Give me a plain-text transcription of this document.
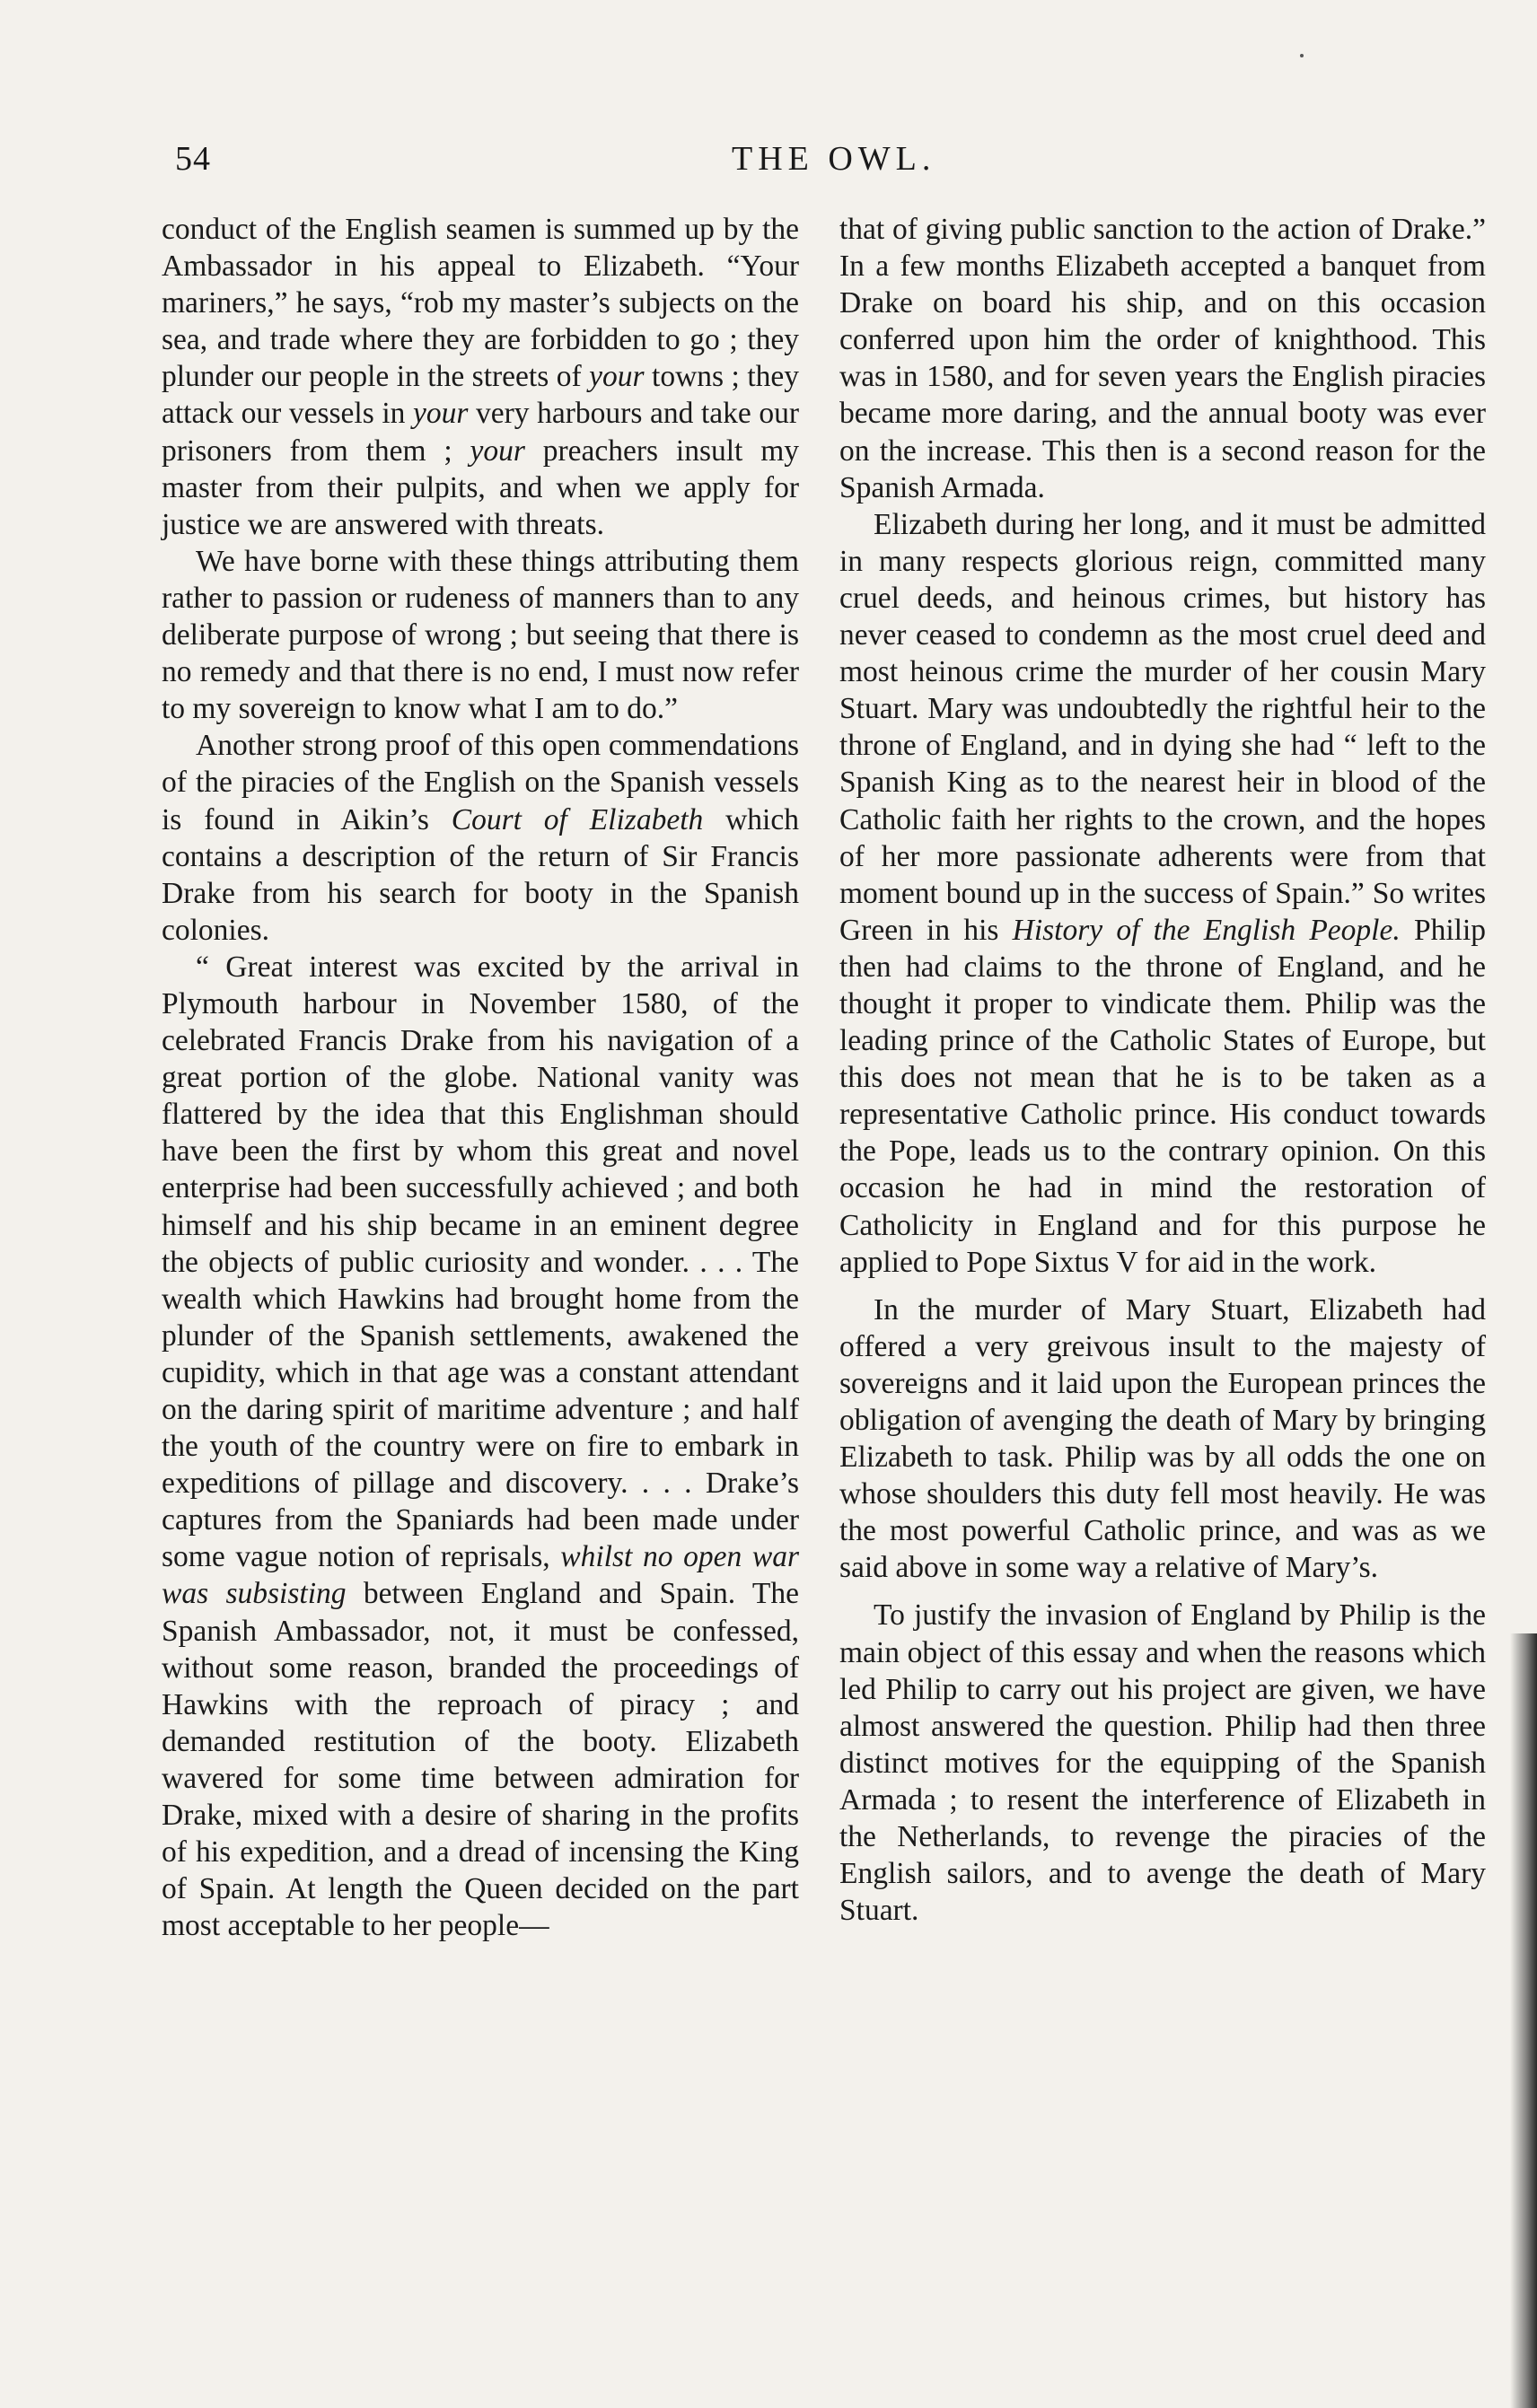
54	THE OWL.

conduct of the English seamen is summed up by the Ambassador in his appeal to Elizabeth. “Your mariners,” he says, “rob my master’s subjects on the sea, and trade where they are forbidden to go ; they plunder our people in the streets of your towns ; they attack our vessels in your very harbours and take our prisoners from them ; your preachers insult my master from their pulpits, and when we apply for justice we are answered with threats.

We have borne with these things attributing them rather to passion or rudeness of manners than to any deliberate purpose of wrong ; but seeing that there is no remedy and that there is no end, I must now refer to my sovereign to know what I am to do.”

Another strong proof of this open commendations of the piracies of the English on the Spanish vessels is found in Aikin’s Court of Elizabeth which contains a description of the return of Sir Francis Drake from his search for booty in the Spanish colonies.

“ Great interest was excited by the arrival in Plymouth harbour in November 1580, of the celebrated Francis Drake from his navigation of a great portion of the globe. National vanity was flattered by the idea that this Englishman should have been the first by whom this great and novel enterprise had been successfully achieved ; and both himself and his ship became in an eminent degree the objects of public curiosity and wonder. . . . The wealth which Hawkins had brought home from the plunder of the Spanish settlements, awakened the cupidity, which in that age was a constant attendant on the daring spirit of maritime adventure ; and half the youth of the country were on fire to embark in expeditions of pillage and discovery. . . . Drake’s captures from the Spaniards had been made under some vague notion of reprisals, whilst no open war was subsisting between England and Spain. The Spanish Ambassador, not, it must be confessed, without some reason, branded the proceedings of Hawkins with the reproach of piracy ; and demanded restitution of the booty. Elizabeth wavered for some time between admiration for Drake, mixed with a desire of sharing in the profits of his expedition, and a dread of incensing the King of Spain. At length the Queen decided on the part most acceptable to her people—

that of giving public sanction to the action of Drake.” In a few months Elizabeth accepted a banquet from Drake on board his ship, and on this occasion conferred upon him the order of knighthood. This was in 1580, and for seven years the English piracies became more daring, and the annual booty was ever on the increase. This then is a second reason for the Spanish Armada.

Elizabeth during her long, and it must be admitted in many respects glorious reign, committed many cruel deeds, and heinous crimes, but history has never ceased to condemn as the most cruel deed and most heinous crime the murder of her cousin Mary Stuart. Mary was undoubtedly the rightful heir to the throne of England, and in dying she had “ left to the Spanish King as to the nearest heir in blood of the Catholic faith her rights to the crown, and the hopes of her more passionate adherents were from that moment bound up in the success of Spain.” So writes Green in his History of the English People. Philip then had claims to the throne of England, and he thought it proper to vindicate them. Philip was the leading prince of the Catholic States of Europe, but this does not mean that he is to be taken as a representative Catholic prince. His conduct towards the Pope, leads us to the contrary opinion. On this occasion he had in mind the restoration of Catholicity in England and for this purpose he applied to Pope Sixtus V for aid in the work.

In the murder of Mary Stuart, Elizabeth had offered a very greivous insult to the majesty of sovereigns and it laid upon the European princes the obligation of avenging the death of Mary by bringing Elizabeth to task. Philip was by all odds the one on whose shoulders this duty fell most heavily. He was the most powerful Catholic prince, and was as we said above in some way a relative of Mary’s.

To justify the invasion of England by Philip is the main object of this essay and when the reasons which led Philip to carry out his project are given, we have almost answered the question. Philip had then three distinct motives for the equipping of the Spanish Armada ; to resent the interference of Elizabeth in the Netherlands, to revenge the piracies of the English sailors, and to avenge the death of Mary Stuart.
